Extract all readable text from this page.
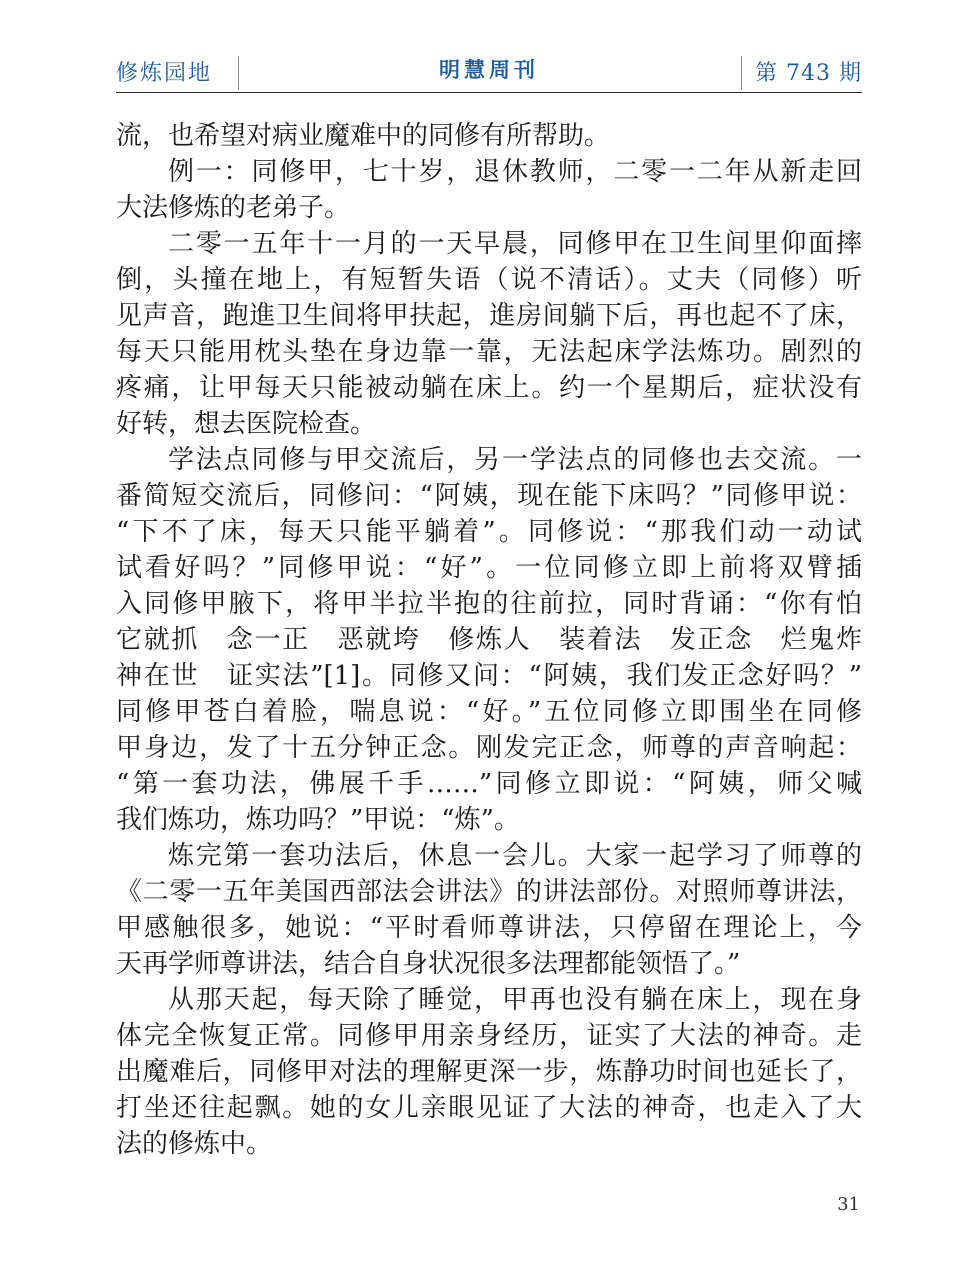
修炼园地	明慧周刊	第 743 期
流，也希望对病业魔难中的同修有所帮助。
例一：同修甲，七十岁，退休教师，二零一二年从新走回
大法修炼的老弟子。
二零一五年十一月的一天早晨，同修甲在卫生间里仰面摔
倒，头撞在地上，有短暂失语（说不清话）。丈夫（同修）听
见声音，跑進卫生间将甲扶起，進房间躺下后，再也起不了床，
每天只能用枕头垫在身边靠一靠，无法起床学法炼功。剧烈的
疼痛，让甲每天只能被动躺在床上。约一个星期后，症状没有
好转，想去医院检查。
学法点同修与甲交流后，另一学法点的同修也去交流。一
番简短交流后，同修问：“阿姨，现在能下床吗？”同修甲说：
“下不了床，每天只能平躺着”。同修说：“那我们动一动试
试看好吗？”同修甲说：“好”。一位同修立即上前将双臂插
入同修甲腋下，将甲半拉半抱的往前拉，同时背诵：“你有怕
它就抓　念一正　恶就垮　修炼人　装着法　发正念　烂鬼炸
神在世　证实法”[1]。同修又问：“阿姨，我们发正念好吗？”
同修甲苍白着脸，喘息说：“好。”五位同修立即围坐在同修
甲身边，发了十五分钟正念。刚发完正念，师尊的声音响起：
“第一套功法，佛展千手……”同修立即说：“阿姨，师父喊
我们炼功，炼功吗？”甲说：“炼”。
炼完第一套功法后，休息一会儿。大家一起学习了师尊的
《二零一五年美国西部法会讲法》的讲法部份。对照师尊讲法，
甲感触很多，她说：“平时看师尊讲法，只停留在理论上，今
天再学师尊讲法，结合自身状况很多法理都能领悟了。”
从那天起，每天除了睡觉，甲再也没有躺在床上，现在身
体完全恢复正常。同修甲用亲身经历，证实了大法的神奇。走
出魔难后，同修甲对法的理解更深一步，炼静功时间也延长了，
打坐还往起飘。她的女儿亲眼见证了大法的神奇，也走入了大
法的修炼中。
31
